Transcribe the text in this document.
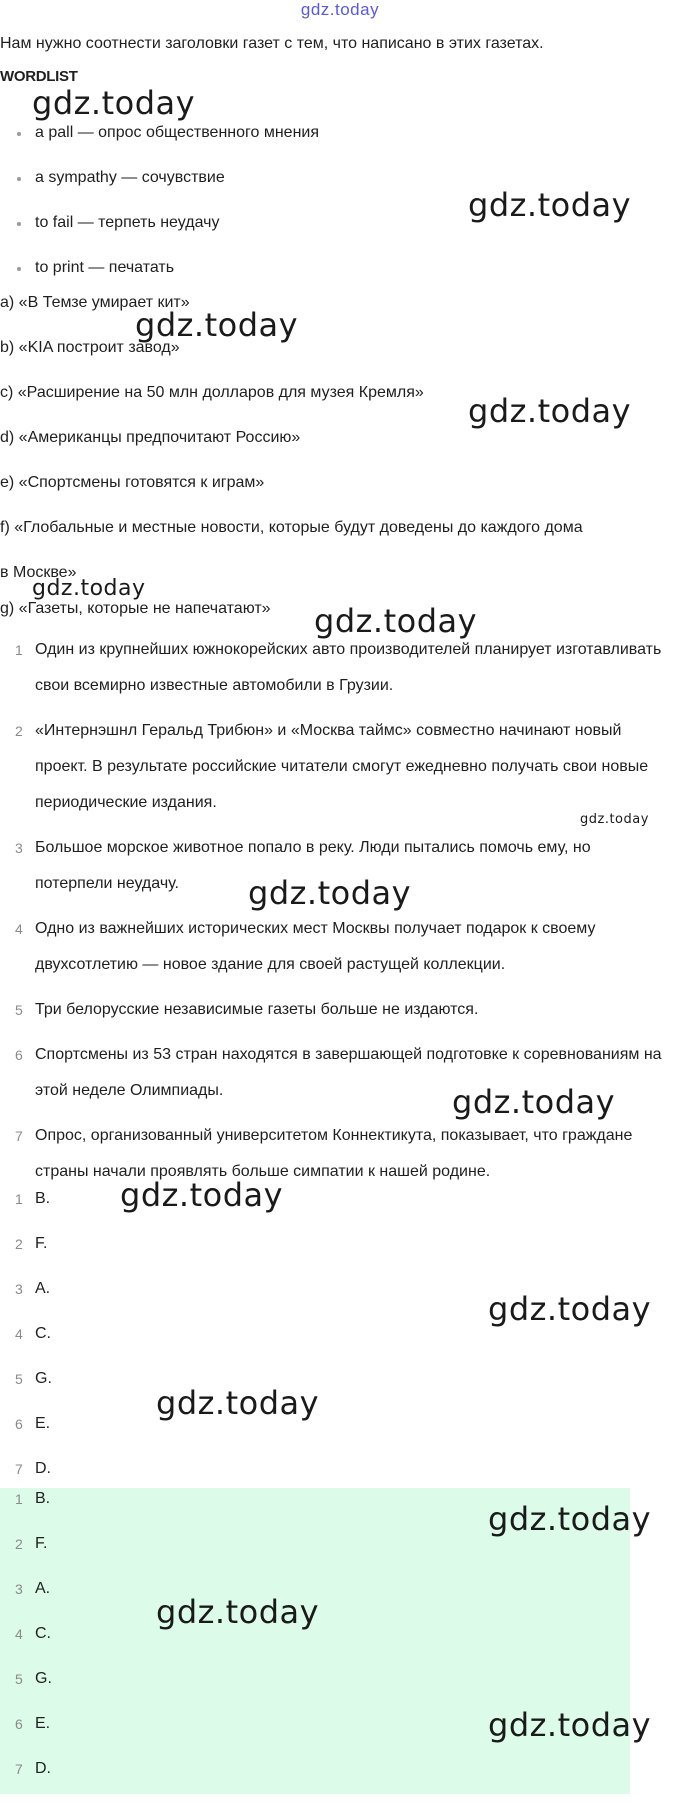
gdz.today
Нам нужно соотнести заголовки газет с тем, что написано в этих газетах.
WORDLIST
a pall — опрос общественного мнения
a sympathy — сочувствие
to fail — терпеть неудачу
to print — печатать
a) «В Темзе умирает кит»
b) «KIA построит завод»
c) «Расширение на 50 млн долларов для музея Кремля»
d) «Американцы предпочитают Россию»
e) «Спортсмены готовятся к играм»
f) «Глобальные и местные новости, которые будут доведены до каждого дома
в Москве»
g) «Газеты, которые не напечатают»
1 Один из крупнейших южнокорейских авто производителей планирует изготавливать свои всемирно известные автомобили в Грузии.
2 «Интернэшнл Геральд Трибюн» и «Москва таймс» совместно начинают новый проект. В результате российские читатели смогут ежедневно получать свои новые периодические издания.
3 Большое морское животное попало в реку. Люди пытались помочь ему, но потерпели неудачу.
4 Одно из важнейших исторических мест Москвы получает подарок к своему двухсотлетию — новое здание для своей растущей коллекции.
5 Три белорусские независимые газеты больше не издаются.
6 Спортсмены из 53 стран находятся в завершающей подготовке к соревнованиям на этой неделе Олимпиады.
7 Опрос, организованный университетом Коннектикута, показывает, что граждане страны начали проявлять больше симпатии к нашей родине.
1 B.
2 F.
3 A.
4 C.
5 G.
6 E.
7 D.
1 B.
2 F.
3 A.
4 C.
5 G.
6 E.
7 D.
gdz.today
gdz.today
gdz.today
gdz.today
gdz.today
gdz.today
gdz.today
gdz.today
gdz.today
gdz.today
gdz.today
gdz.today
gdz.today
gdz.today
gdz.today
